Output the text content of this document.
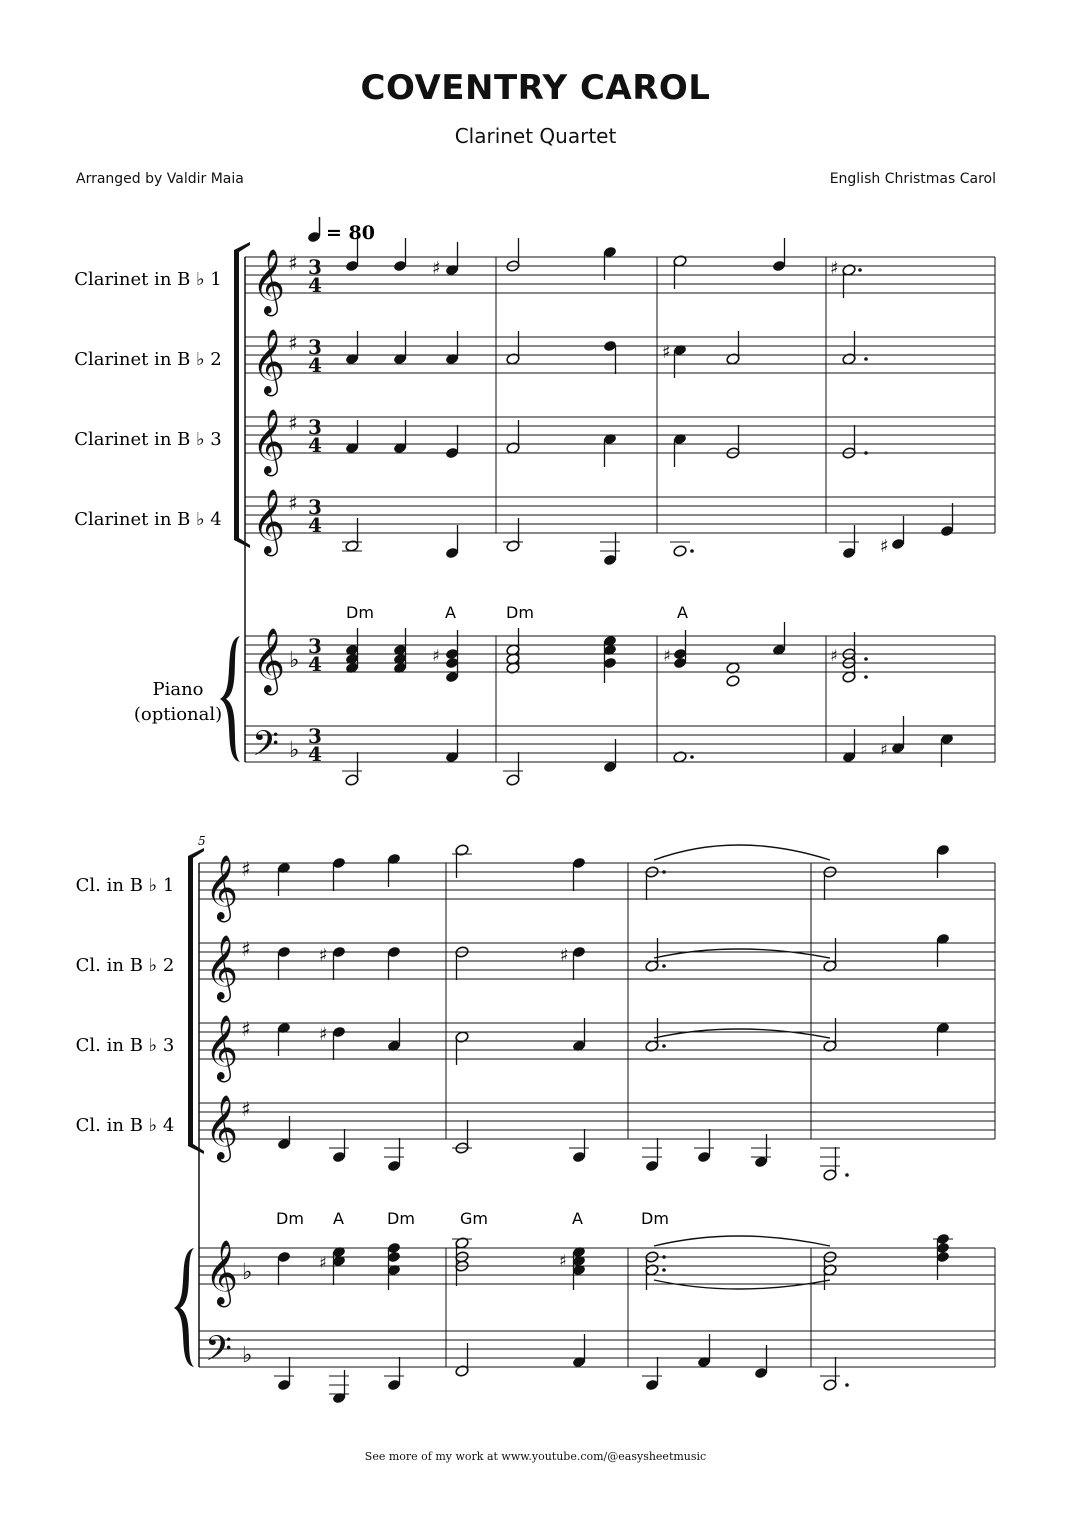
COVENTRY CAROL
Clarinet Quartet
Arranged by Valdir Maia	English Christmas Carol
= 80
Clarinet in B ♭ 1
Clarinet in B ♭ 2
Clarinet in B ♭ 3
Clarinet in B ♭ 4
Piano
(optional)
𝄞
𝄞
𝄞
𝄞
𝄞
𝄢
♯
♯
♯
♯
♭
♭
3
4
3
4
3
4
3
4
3
4
3
4
Dm	A	Dm	A
♯	♯
♯
♯
♯	♯	♯
♯
5
Cl. in B ♭ 1
Cl. in B ♭ 2
Cl. in B ♭ 3
Cl. in B ♭ 4
𝄞
𝄞
𝄞
𝄞
𝄞
𝄢
♯
♯
♯
♯
♭
♭
Dm A	Dm	Gm	A	Dm
♯	♯
♯
♯	♯
See more of my work at www.youtube.com/@easysheetmusic
